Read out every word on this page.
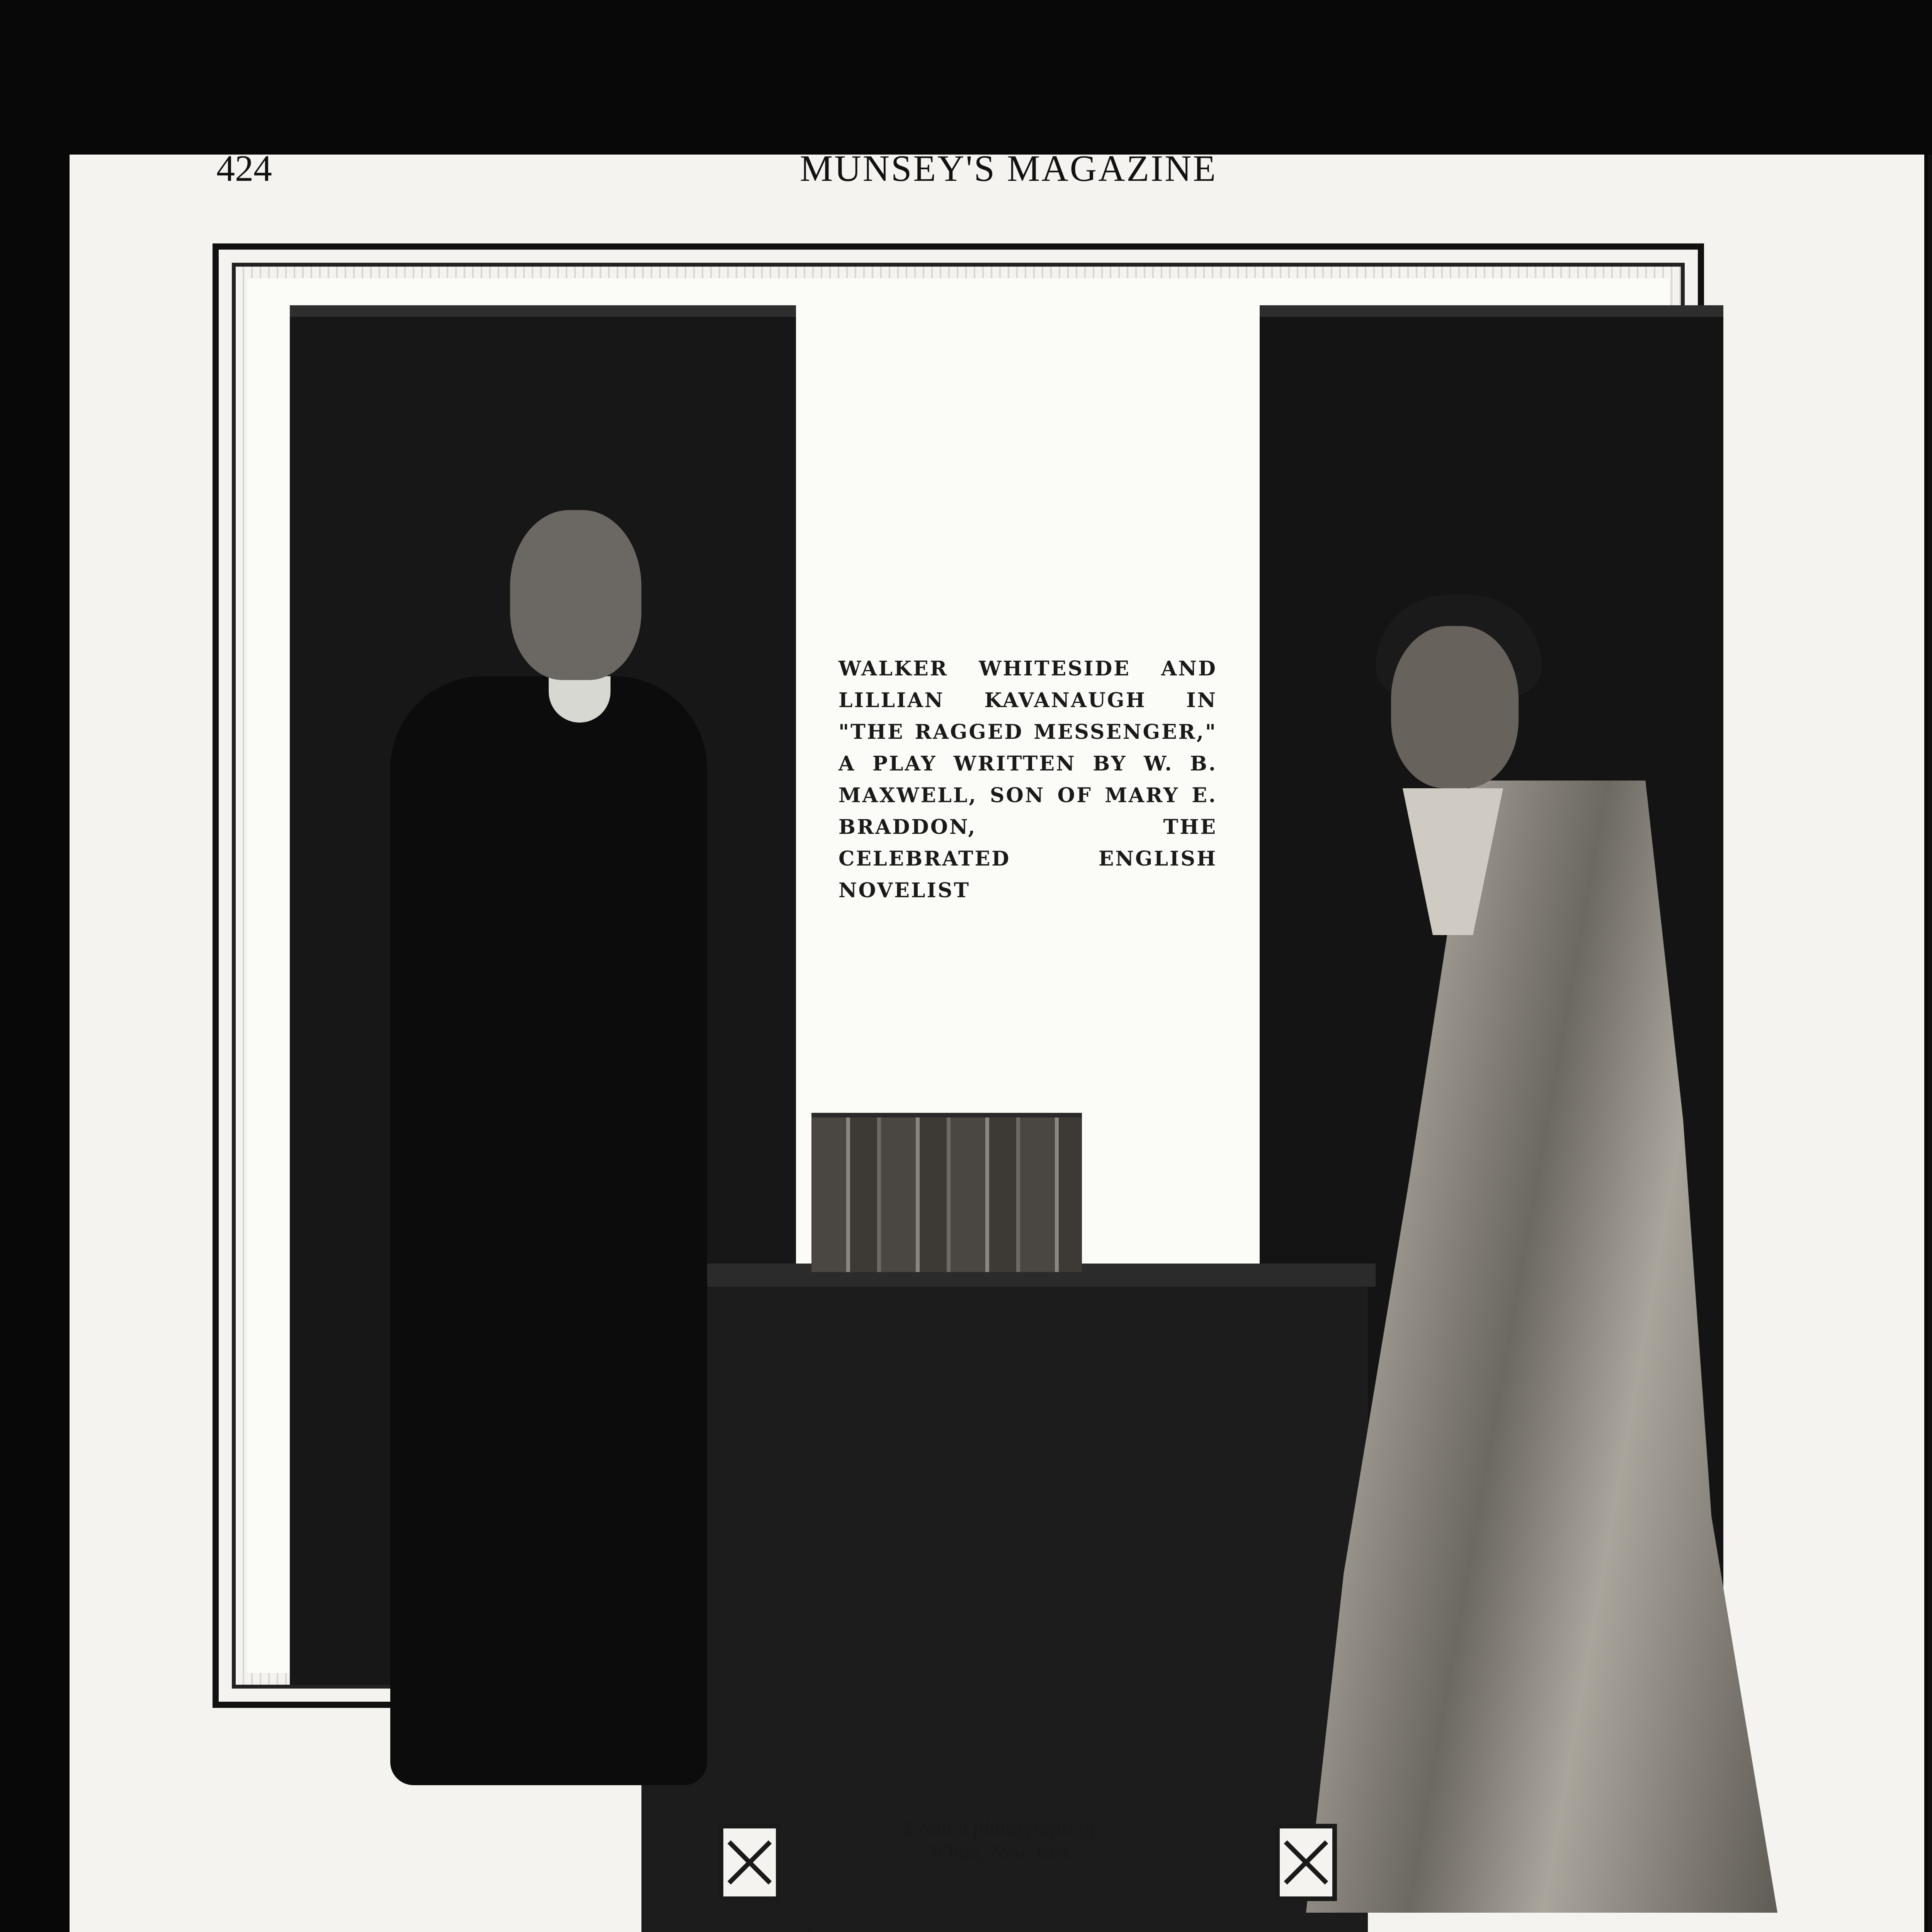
424	MUNSEY'S MAGAZINE

WALKER WHITESIDE AND LILLIAN KAVANAUGH IN "THE RAGGED MESSENGER," A PLAY WRITTEN BY W. B. MAXWELL, SON OF MARY E. BRADDON, THE CELEBRATED ENGLISH NOVELIST

From a photograph by
White, New York
